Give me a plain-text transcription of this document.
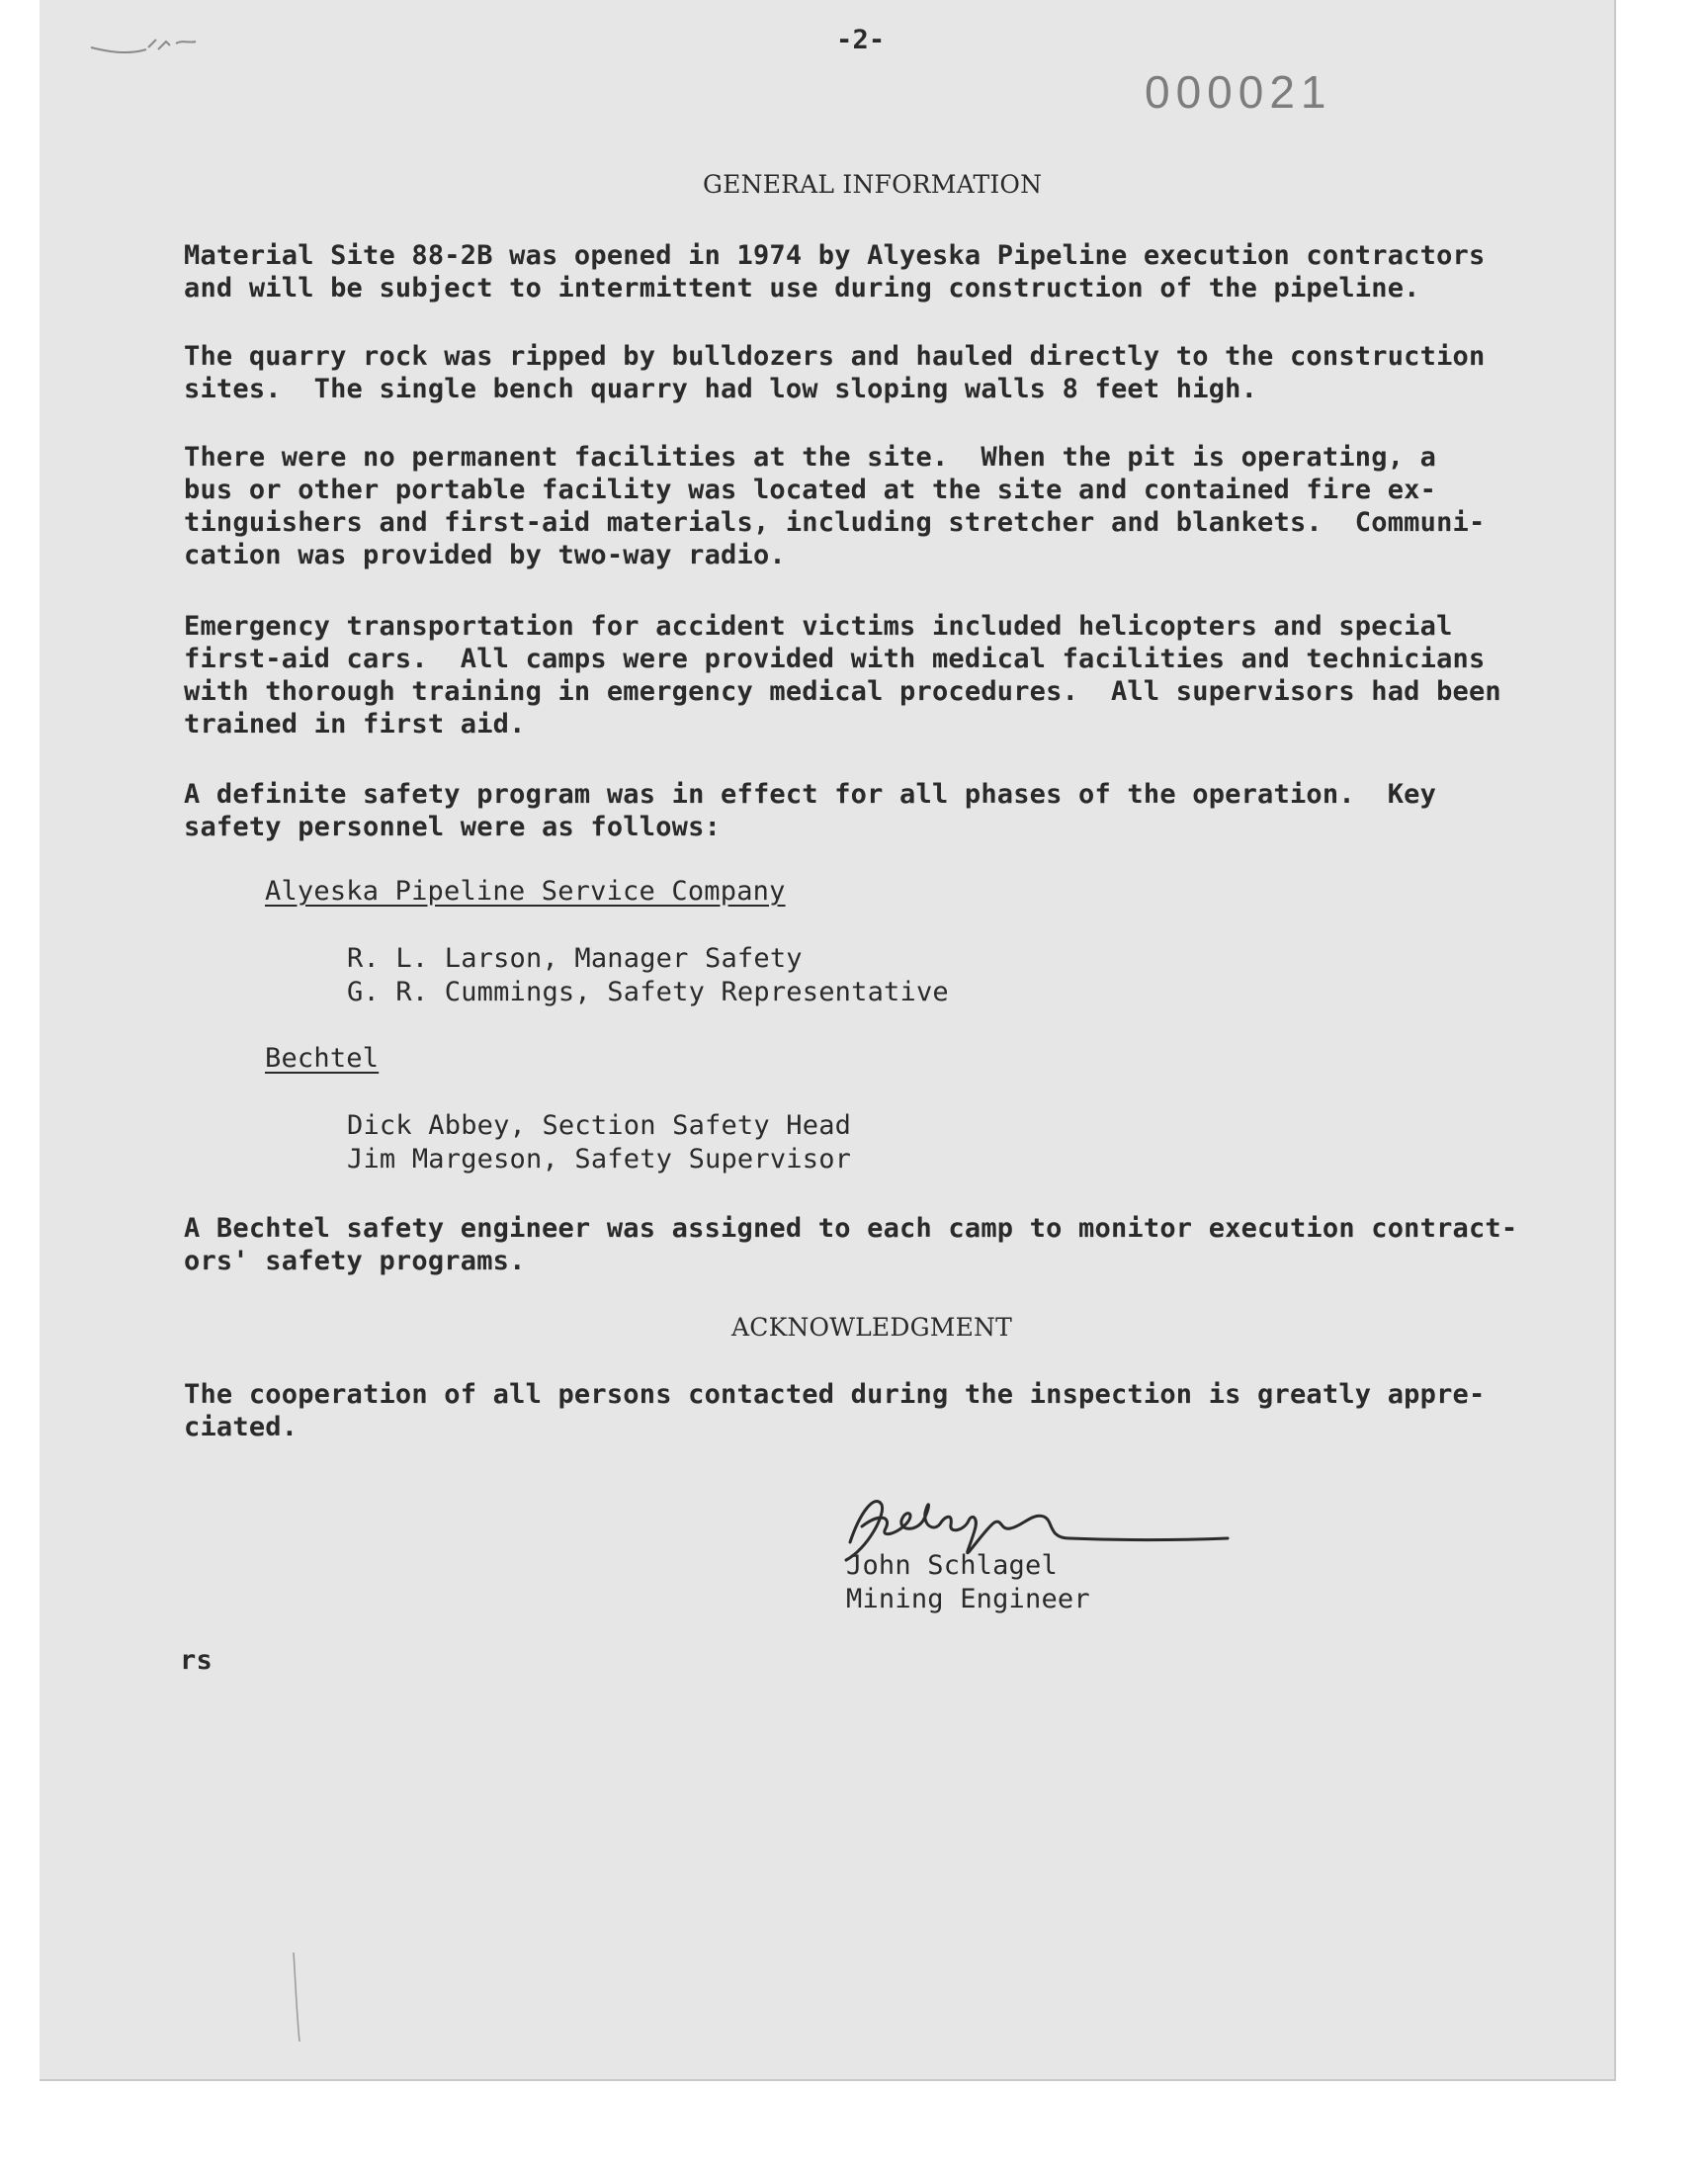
-2-
000021
GENERAL INFORMATION
Material Site 88-2B was opened in 1974 by Alyeska Pipeline execution contractors
and will be subject to intermittent use during construction of the pipeline.
The quarry rock was ripped by bulldozers and hauled directly to the construction
sites.  The single bench quarry had low sloping walls 8 feet high.
There were no permanent facilities at the site.  When the pit is operating, a
bus or other portable facility was located at the site and contained fire ex-
tinguishers and first-aid materials, including stretcher and blankets.  Communi-
cation was provided by two-way radio.
Emergency transportation for accident victims included helicopters and special
first-aid cars.  All camps were provided with medical facilities and technicians
with thorough training in emergency medical procedures.  All supervisors had been
trained in first aid.
A definite safety program was in effect for all phases of the operation.  Key
safety personnel were as follows:
Alyeska Pipeline Service Company
R. L. Larson, Manager Safety
G. R. Cummings, Safety Representative
Bechtel
Dick Abbey, Section Safety Head
Jim Margeson, Safety Supervisor
A Bechtel safety engineer was assigned to each camp to monitor execution contract-
ors' safety programs.
ACKNOWLEDGMENT
The cooperation of all persons contacted during the inspection is greatly appre-
ciated.
John Schlagel
Mining Engineer
rs
